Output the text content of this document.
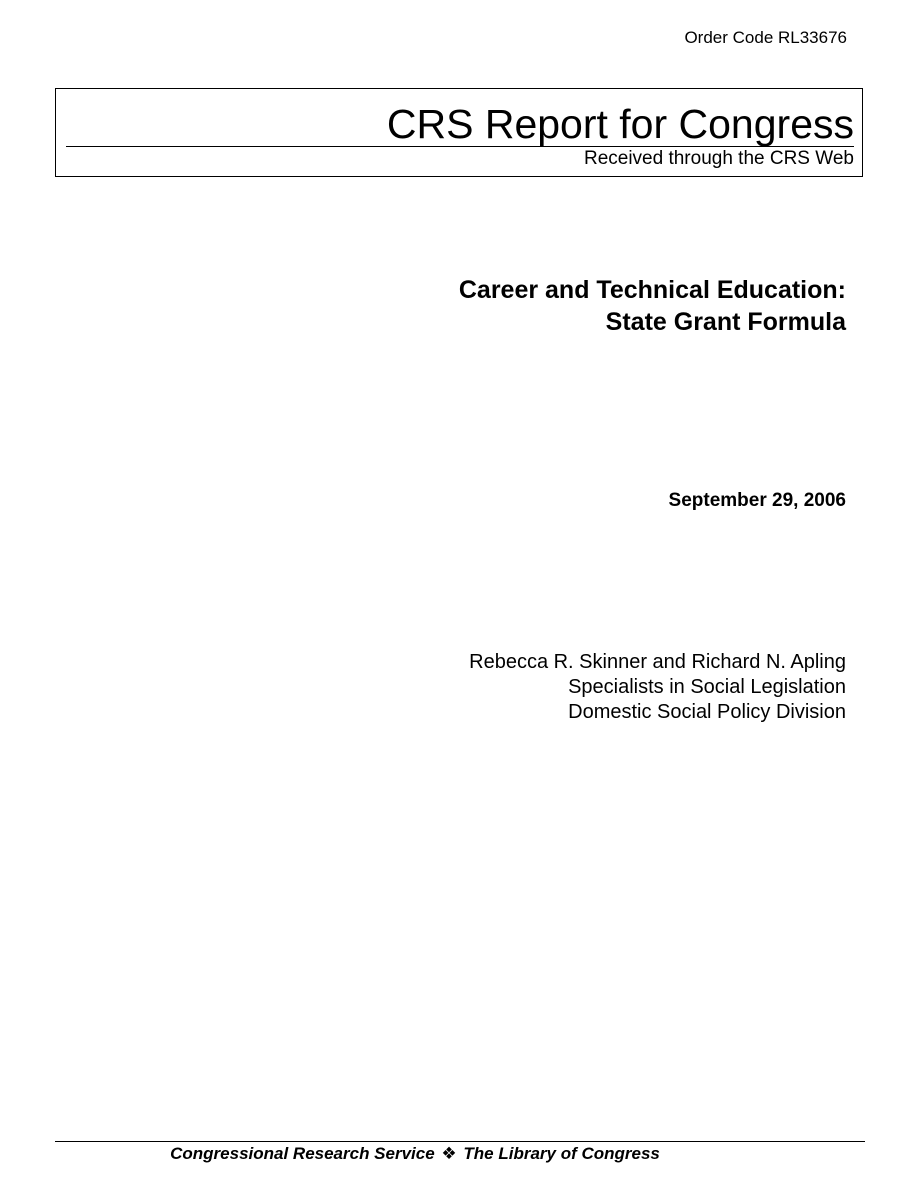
Order Code RL33676
CRS Report for Congress
Received through the CRS Web
Career and Technical Education:
State Grant Formula
September 29, 2006
Rebecca R. Skinner and Richard N. Apling
Specialists in Social Legislation
Domestic Social Policy Division
Congressional Research Service ❖ The Library of Congress
